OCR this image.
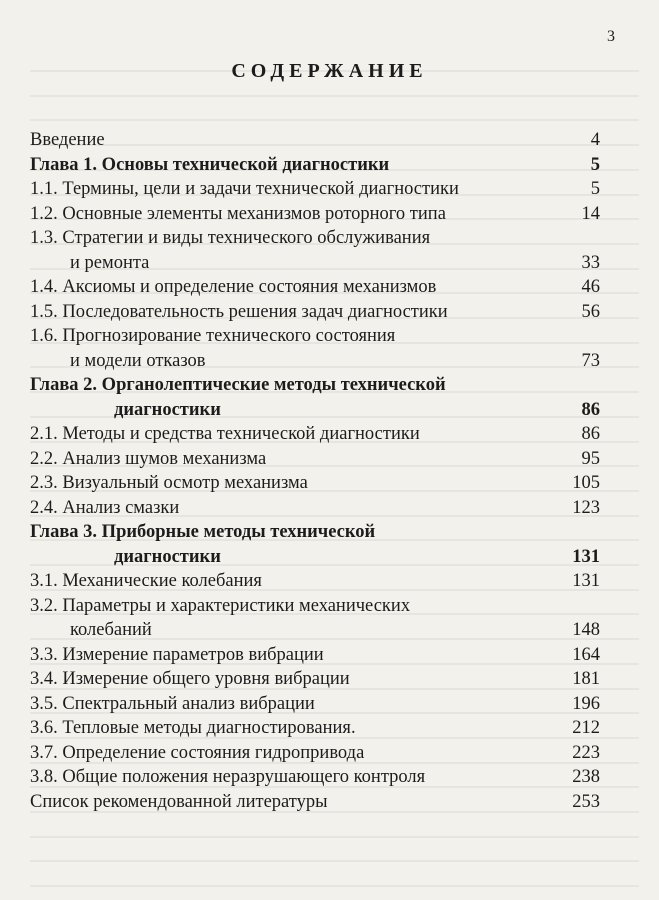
3
СОДЕРЖАНИЕ
Введение	4
Глава 1. Основы технической диагностики	5
1.1. Термины, цели и задачи технической диагностики	5
1.2. Основные элементы механизмов роторного типа	14
1.3. Стратегии и виды технического обслуживания
и ремонта	33
1.4. Аксиомы и определение состояния механизмов	46
1.5. Последовательность решения задач диагностики	56
1.6. Прогнозирование технического состояния
и модели отказов	73
Глава 2. Органолептические методы технической
диагностики	86
2.1. Методы и средства технической диагностики	86
2.2. Анализ шумов механизма	95
2.3. Визуальный осмотр механизма	105
2.4. Анализ смазки	123
Глава 3. Приборные методы технической
диагностики	131
3.1. Механические колебания	131
3.2. Параметры и характеристики механических
колебаний	148
3.3. Измерение параметров вибрации	164
3.4. Измерение общего уровня вибрации	181
3.5. Спектральный анализ вибрации	196
3.6. Тепловые методы диагностирования.	212
3.7. Определение состояния гидропривода	223
3.8. Общие положения неразрушающего контроля	238
Список рекомендованной литературы	253
